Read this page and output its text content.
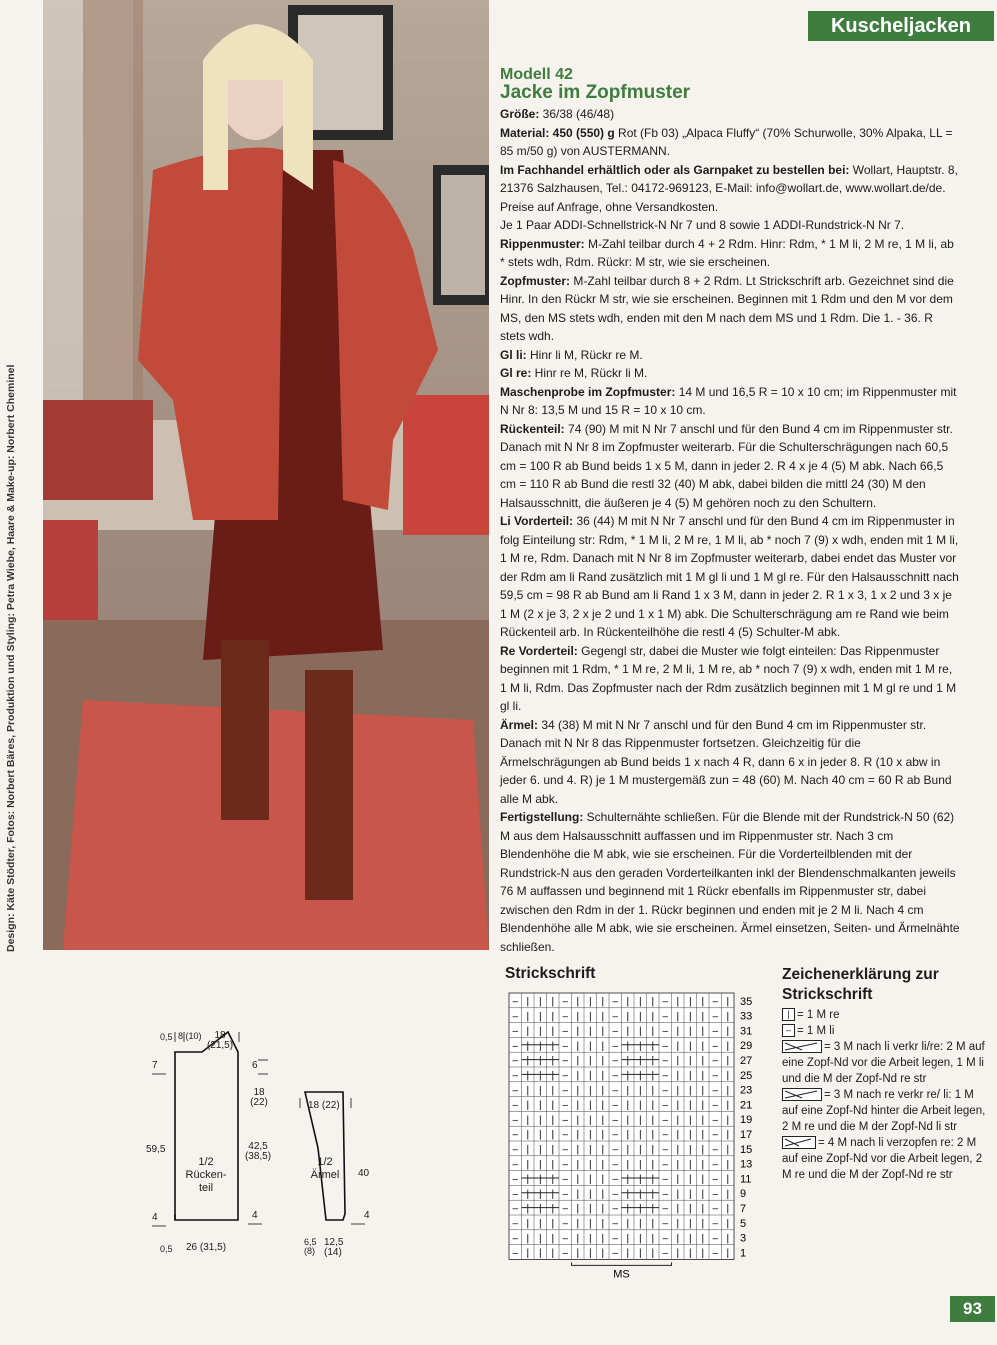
Kuscheljacken
Design: Käte Stödter, Fotos: Norbert Bäres, Produktion und Styling: Petra Wiebe, Haare & Make-up: Norbert Cheminel
Modell 42
Jacke im Zopfmuster

Größe: 36/38 (46/48)

Material: 450 (550) g Rot (Fb 03) „Alpaca Fluffy“ (70% Schurwolle, 30% Alpaka, LL = 85 m/50 g) von AUSTERMANN.

Im Fachhandel erhältlich oder als Garnpaket zu bestellen bei: Wollart, Hauptstr. 8, 21376 Salzhausen, Tel.: 04172-969123, E-Mail: info@wollart.de, www.wollart.de/de. Preise auf Anfrage, ohne Versandkosten.

Je 1 Paar ADDI-Schnellstrick-N Nr 7 und 8 sowie 1 ADDI-Rundstrick-N Nr 7.

Rippenmuster: M-Zahl teilbar durch 4 + 2 Rdm. Hinr: Rdm, * 1 M li, 2 M re, 1 M li, ab * stets wdh, Rdm. Rückr: M str, wie sie erscheinen.

Zopfmuster: M-Zahl teilbar durch 8 + 2 Rdm. Lt Strickschrift arb. Gezeichnet sind die Hinr. In den Rückr M str, wie sie erscheinen. Beginnen mit 1 Rdm und den M vor dem MS, den MS stets wdh, enden mit den M nach dem MS und 1 Rdm. Die 1. - 36. R stets wdh.

Gl li: Hinr li M, Rückr re M.

Gl re: Hinr re M, Rückr li M.

Maschenprobe im Zopfmuster: 14 M und 16,5 R = 10 x 10 cm; im Rippenmuster mit N Nr 8: 13,5 M und 15 R = 10 x 10 cm.

Rückenteil: 74 (90) M mit N Nr 7 anschl und für den Bund 4 cm im Rippenmuster str. Danach mit N Nr 8 im Zopfmuster weiterarb. Für die Schulterschrägungen nach 60,5 cm = 100 R ab Bund beids 1 x 5 M, dann in jeder 2. R 4 x je 4 (5) M abk. Nach 66,5 cm = 110 R ab Bund die restl 32 (40) M abk, dabei bilden die mittl 24 (30) M den Halsausschnitt, die äußeren je 4 (5) M gehören noch zu den Schultern.

Li Vorderteil: 36 (44) M mit N Nr 7 anschl und für den Bund 4 cm im Rippenmuster in folg Einteilung str: Rdm, * 1 M li, 2 M re, 1 M li, ab * noch 7 (9) x wdh, enden mit 1 M li, 1 M re, Rdm. Danach mit N Nr 8 im Zopfmuster weiterarb, dabei endet das Muster vor der Rdm am li Rand zusätzlich mit 1 M gl li und 1 M gl re. Für den Halsausschnitt nach 59,5 cm = 98 R ab Bund am li Rand 1 x 3 M, dann in jeder 2. R 1 x 3, 1 x 2 und 3 x je 1 M (2 x je 3, 2 x je 2 und 1 x 1 M) abk. Die Schulterschrägung am re Rand wie beim Rückenteil arb. In Rückenteilhöhe die restl 4 (5) Schulter-M abk.

Re Vorderteil: Gegengl str, dabei die Muster wie folgt einteilen: Das Rippenmuster beginnen mit 1 Rdm, * 1 M re, 2 M li, 1 M re, ab * noch 7 (9) x wdh, enden mit 1 M re, 1 M li, Rdm. Das Zopfmuster nach der Rdm zusätzlich beginnen mit 1 M gl re und 1 M gl li.

Ärmel: 34 (38) M mit N Nr 7 anschl und für den Bund 4 cm im Rippenmuster str. Danach mit N Nr 8 das Rippenmuster fortsetzen. Gleichzeitig für die Ärmelschrägungen ab Bund beids 1 x nach 4 R, dann 6 x in jeder 8. R (10 x abw in jeder 6. und 4. R) je 1 M mustergemäß zun = 48 (60) M. Nach 40 cm = 60 R ab Bund alle M abk.

Fertigstellung: Schulternähte schließen. Für die Blende mit der Rundstrick-N 50 (62) M aus dem Halsausschnitt auffassen und im Rippenmuster str. Nach 3 cm Blendenhöhe die M abk, wie sie erscheinen. Für die Vorderteilblenden mit der Rundstrick-N aus den geraden Vorderteilkanten inkl der Blendenschmalkanten jeweils 76 M auffassen und beginnend mit 1 Rückr ebenfalls im Rippenmuster str, dabei zwischen den Rdm in der 1. Rückr beginnen und enden mit je 2 M li. Nach 4 cm Blendenhöhe alle M abk, wie sie erscheinen. Ärmel einsetzen, Seiten- und Ärmelnähte schließen.

Strickschrift
– | | | – | | | – | | | – | | | – |
– | | | – | | | – | | | – | | | – |
– | | | – | | | – | | | – | | | – |
– | | | – | | | – | | | – | | | – |
– | | | – | | | – | | | – | | | – |
– | | | – | | | – | | | – | | | – |
– | | | – | | | – | | | – | | | – |
– | | | – | | | – | | | – | | | – |
– | | | – | | | – | | | – | | | – |
– | | | – | | | – | | | – | | | – |
– | | | – | | | – | | | – | | | – |
– | | | – | | | – | | | – | | | – |
– | | | – | | | – | | | – | | | – |
– | | | – | | | – | | | – | | | – |
– | | | – | | | – | | | – | | | – |
– | | | – | | | – | | | – | | | – |
– | | | – | | | – | | | – | | | – |
– | | | – | | | – | | | – | | | – |
35
33
31
29
27
25
23
21
19
17
15
13
11
9
7
5
3
1
MS
Zeichenerklärung zur Strickschrift
| = 1 M re
– = 1 M li
= 3 M nach li verkr li/re: 2 M auf eine Zopf-Nd vor die Arbeit legen, 1 M li und die M der Zopf-Nd re str
= 3 M nach re verkr re/ li: 1 M auf eine Zopf-Nd hinter die Arbeit legen, 2 M re und die M der Zopf-Nd li str
= 4 M nach li verzopfen re: 2 M auf eine Zopf-Nd vor die Arbeit legen, 2 M re und die M der Zopf-Nd re str
0,5 8 (10)	18 (21,5)
7
59,5
4
6
18 (22)
42,5 (38,5)
4
0,5 26 (31,5)
1/2
Rücken-
teil
18 (22)
40
4
6,5 (8)
12,5 (14)
1/2
Ärmel
93
